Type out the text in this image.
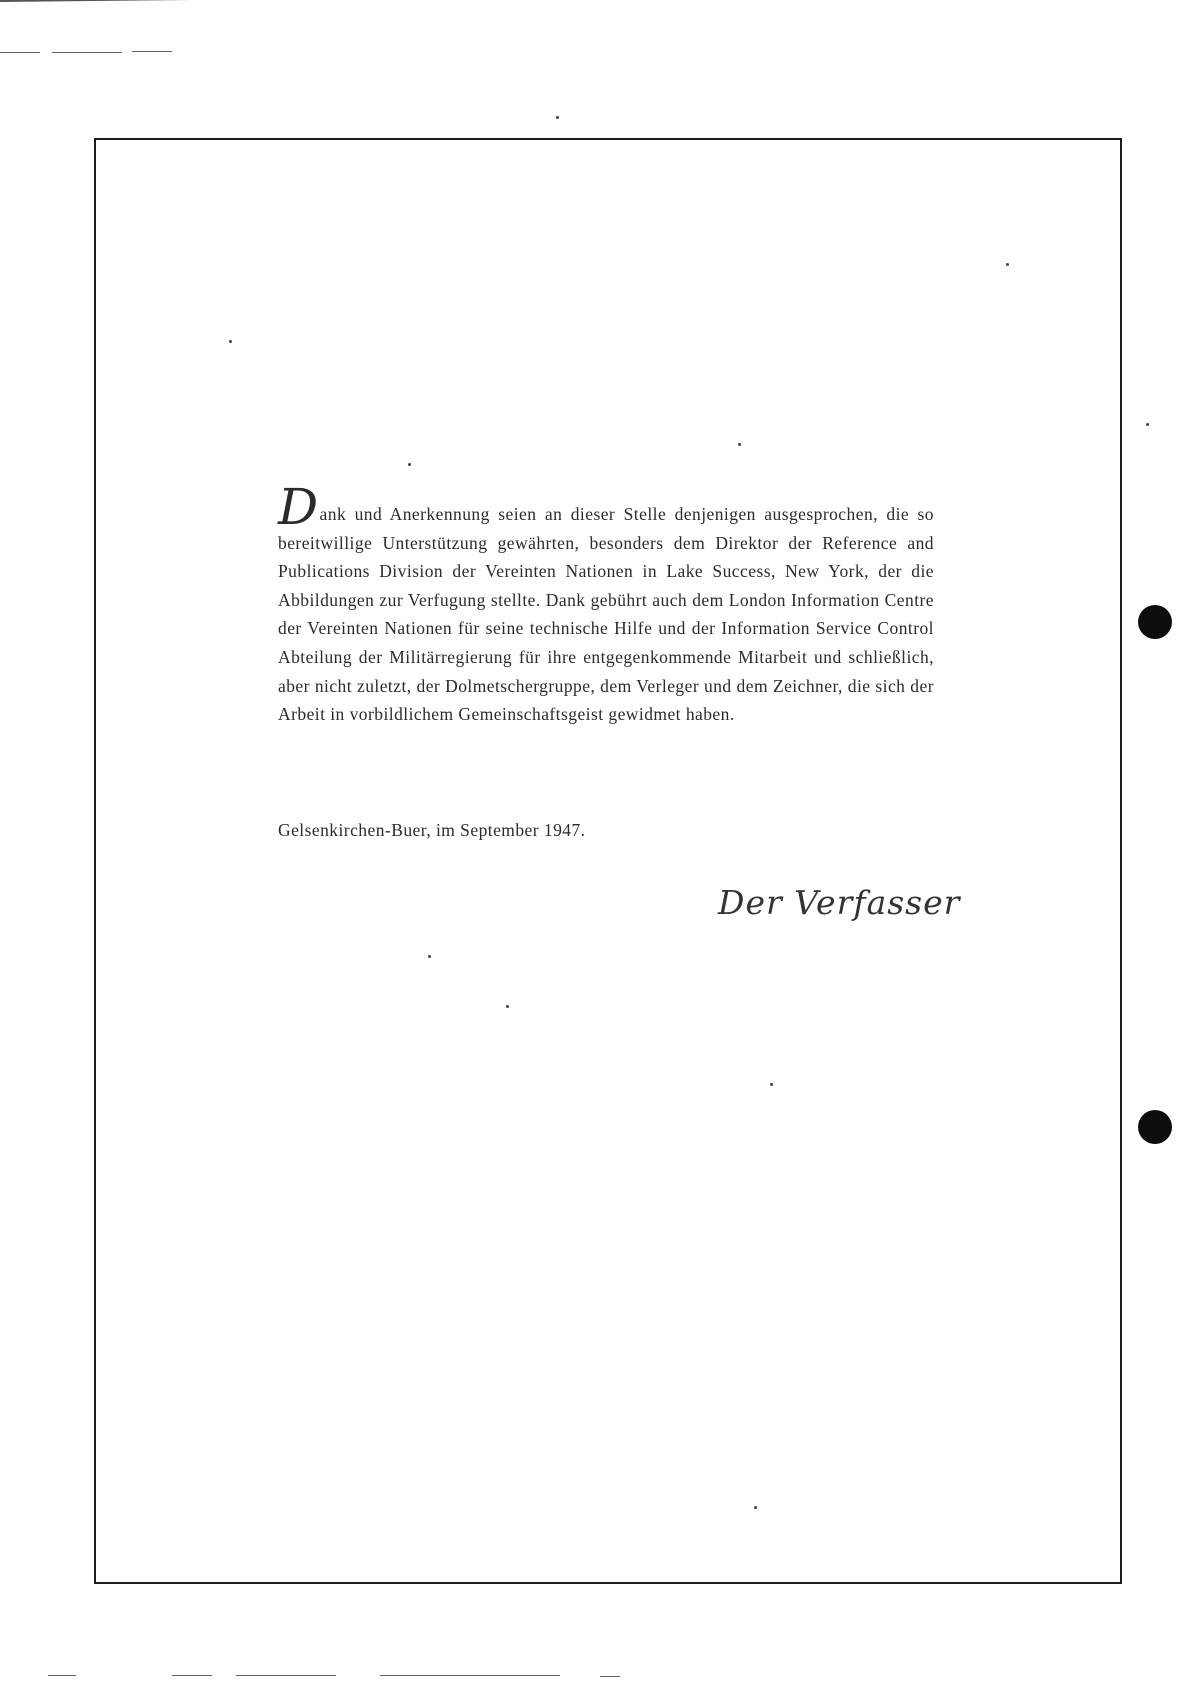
Dank und Anerkennung seien an dieser Stelle denjenigen ausgesprochen, die so bereitwillige Unterstützung gewährten, besonders dem Direktor der Reference and Publications Division der Vereinten Nationen in Lake Success, New York, der die Abbildungen zur Verfugung stellte. Dank gebührt auch dem London Information Centre der Vereinten Nationen für seine technische Hilfe und der Information Service Control Abteilung der Militärregierung für ihre entgegenkommende Mitarbeit und schließlich, aber nicht zuletzt, der Dolmetschergruppe, dem Verleger und dem Zeichner, die sich der Arbeit in vorbildlichem Gemeinschaftsgeist gewidmet haben.

Gelsenkirchen-Buer, im September 1947.

Der Verfasser
